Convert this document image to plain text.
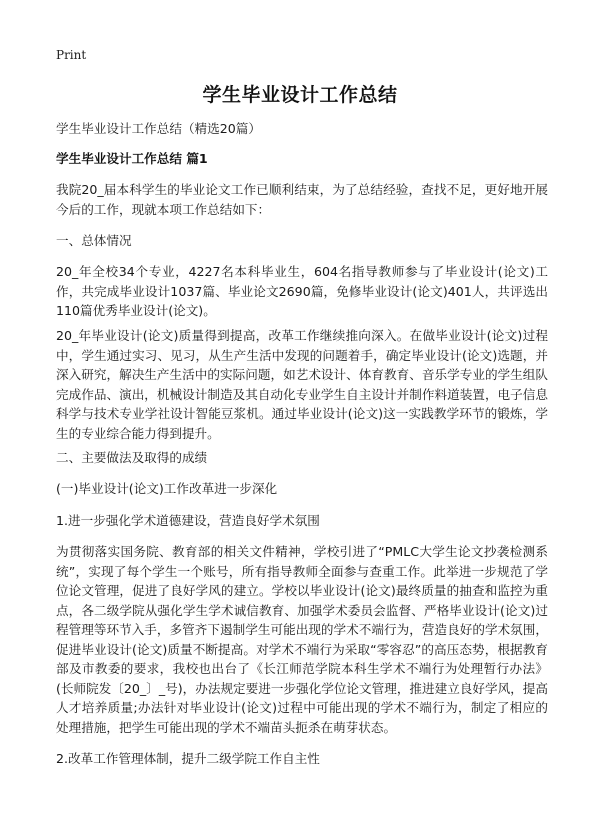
Print
学生毕业设计工作总结

学生毕业设计工作总结（精选20篇）

学生毕业设计工作总结 篇1

我院20_届本科学生的毕业论文工作已顺利结束，为了总结经验，查找不足，更好地开展今后的工作，现就本项工作总结如下：

一、总体情况

20_年全校34个专业，4227名本科毕业生，604名指导教师参与了毕业设计(论文)工作，共完成毕业设计1037篇、毕业论文2690篇，免修毕业设计(论文)401人，共评选出110篇优秀毕业设计(论文)。

20_年毕业设计(论文)质量得到提高，改革工作继续推向深入。在做毕业设计(论文)过程中，学生通过实习、见习，从生产生活中发现的问题着手，确定毕业设计(论文)选题，并深入研究，解决生产生活中的实际问题，如艺术设计、体育教育、音乐学专业的学生组队完成作品、演出，机械设计制造及其自动化专业学生自主设计并制作料道装置，电子信息科学与技术专业学社设计智能豆浆机。通过毕业设计(论文)这一实践教学环节的锻炼，学生的专业综合能力得到提升。

二、主要做法及取得的成绩

(一)毕业设计(论文)工作改革进一步深化

1.进一步强化学术道德建设，营造良好学术氛围

为贯彻落实国务院、教育部的相关文件精神，学校引进了“PMLC大学生论文抄袭检测系统”，实现了每个学生一个账号，所有指导教师全面参与查重工作。此举进一步规范了学位论文管理，促进了良好学风的建立。学校以毕业设计(论文)最终质量的抽查和监控为重点，各二级学院从强化学生学术诚信教育、加强学术委员会监督、严格毕业设计(论文)过程管理等环节入手，多管齐下遏制学生可能出现的学术不端行为，营造良好的学术氛围，促进毕业设计(论文)质量不断提高。对学术不端行为采取“零容忍”的高压态势，根据教育部及市教委的要求，我校也出台了《长江师范学院本科生学术不端行为处理暂行办法》(长师院发〔20_〕_号)，办法规定要进一步强化学位论文管理，推进建立良好学风，提高人才培养质量;办法针对毕业设计(论文)过程中可能出现的学术不端行为，制定了相应的处理措施，把学生可能出现的学术不端苗头扼杀在萌芽状态。

2.改革工作管理体制，提升二级学院工作自主性
